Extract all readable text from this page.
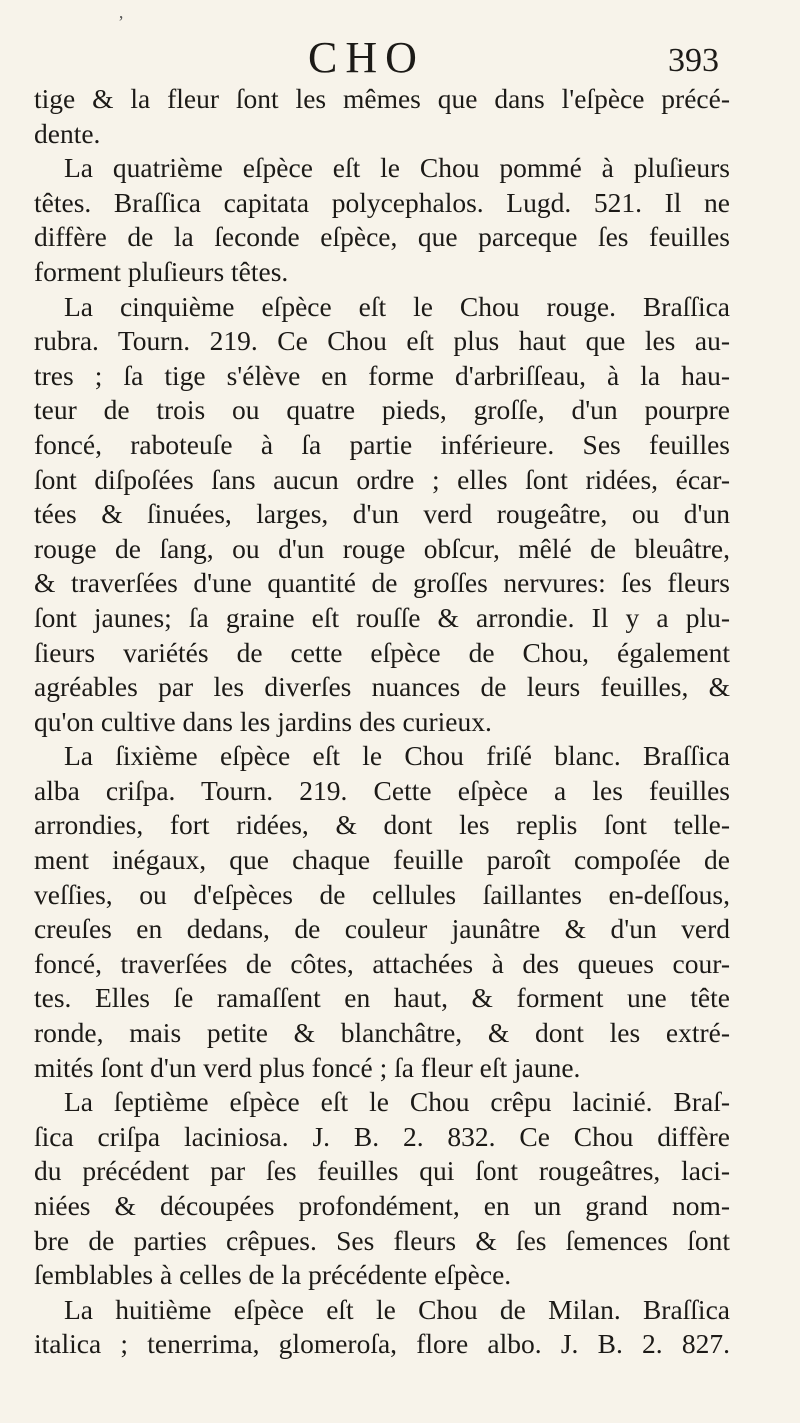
ʼ
CHO	393
tige & la fleur ſont les mêmes que dans l'eſpèce précé-
dente.
La quatrième eſpèce eſt le Chou pommé à pluſieurs
têtes. Braſſica capitata polycephalos. Lugd. 521. Il ne
diffère de la ſeconde eſpèce, que parceque ſes feuilles
forment pluſieurs têtes.
La cinquième eſpèce eſt le Chou rouge. Braſſica
rubra. Tourn. 219. Ce Chou eſt plus haut que les au-
tres ; ſa tige s'élève en forme d'arbriſſeau, à la hau-
teur de trois ou quatre pieds, groſſe, d'un pourpre
foncé, raboteuſe à ſa partie inférieure. Ses feuilles
ſont diſpoſées ſans aucun ordre ; elles ſont ridées, écar-
tées & ſinuées, larges, d'un verd rougeâtre, ou d'un
rouge de ſang, ou d'un rouge obſcur, mêlé de bleuâtre,
& traverſées d'une quantité de groſſes nervures: ſes fleurs
ſont jaunes; ſa graine eſt rouſſe & arrondie. Il y a plu-
ſieurs variétés de cette eſpèce de Chou, également
agréables par les diverſes nuances de leurs feuilles, &
qu'on cultive dans les jardins des curieux.
La ſixième eſpèce eſt le Chou friſé blanc. Braſſica
alba criſpa. Tourn. 219. Cette eſpèce a les feuilles
arrondies, fort ridées, & dont les replis ſont telle-
ment inégaux, que chaque feuille paroît compoſée de
veſſies, ou d'eſpèces de cellules ſaillantes en-deſſous,
creuſes en dedans, de couleur jaunâtre & d'un verd
foncé, traverſées de côtes, attachées à des queues cour-
tes. Elles ſe ramaſſent en haut, & forment une tête
ronde, mais petite & blanchâtre, & dont les extré-
mités ſont d'un verd plus foncé ; ſa fleur eſt jaune.
La ſeptième eſpèce eſt le Chou crêpu lacinié. Braſ-
ſica criſpa laciniosa. J. B. 2. 832. Ce Chou diffère
du précédent par ſes feuilles qui ſont rougeâtres, laci-
niées & découpées profondément, en un grand nom-
bre de parties crêpues. Ses fleurs & ſes ſemences ſont
ſemblables à celles de la précédente eſpèce.
La huitième eſpèce eſt le Chou de Milan. Braſſica
italica ; tenerrima, glomeroſa, flore albo. J. B. 2. 827.
